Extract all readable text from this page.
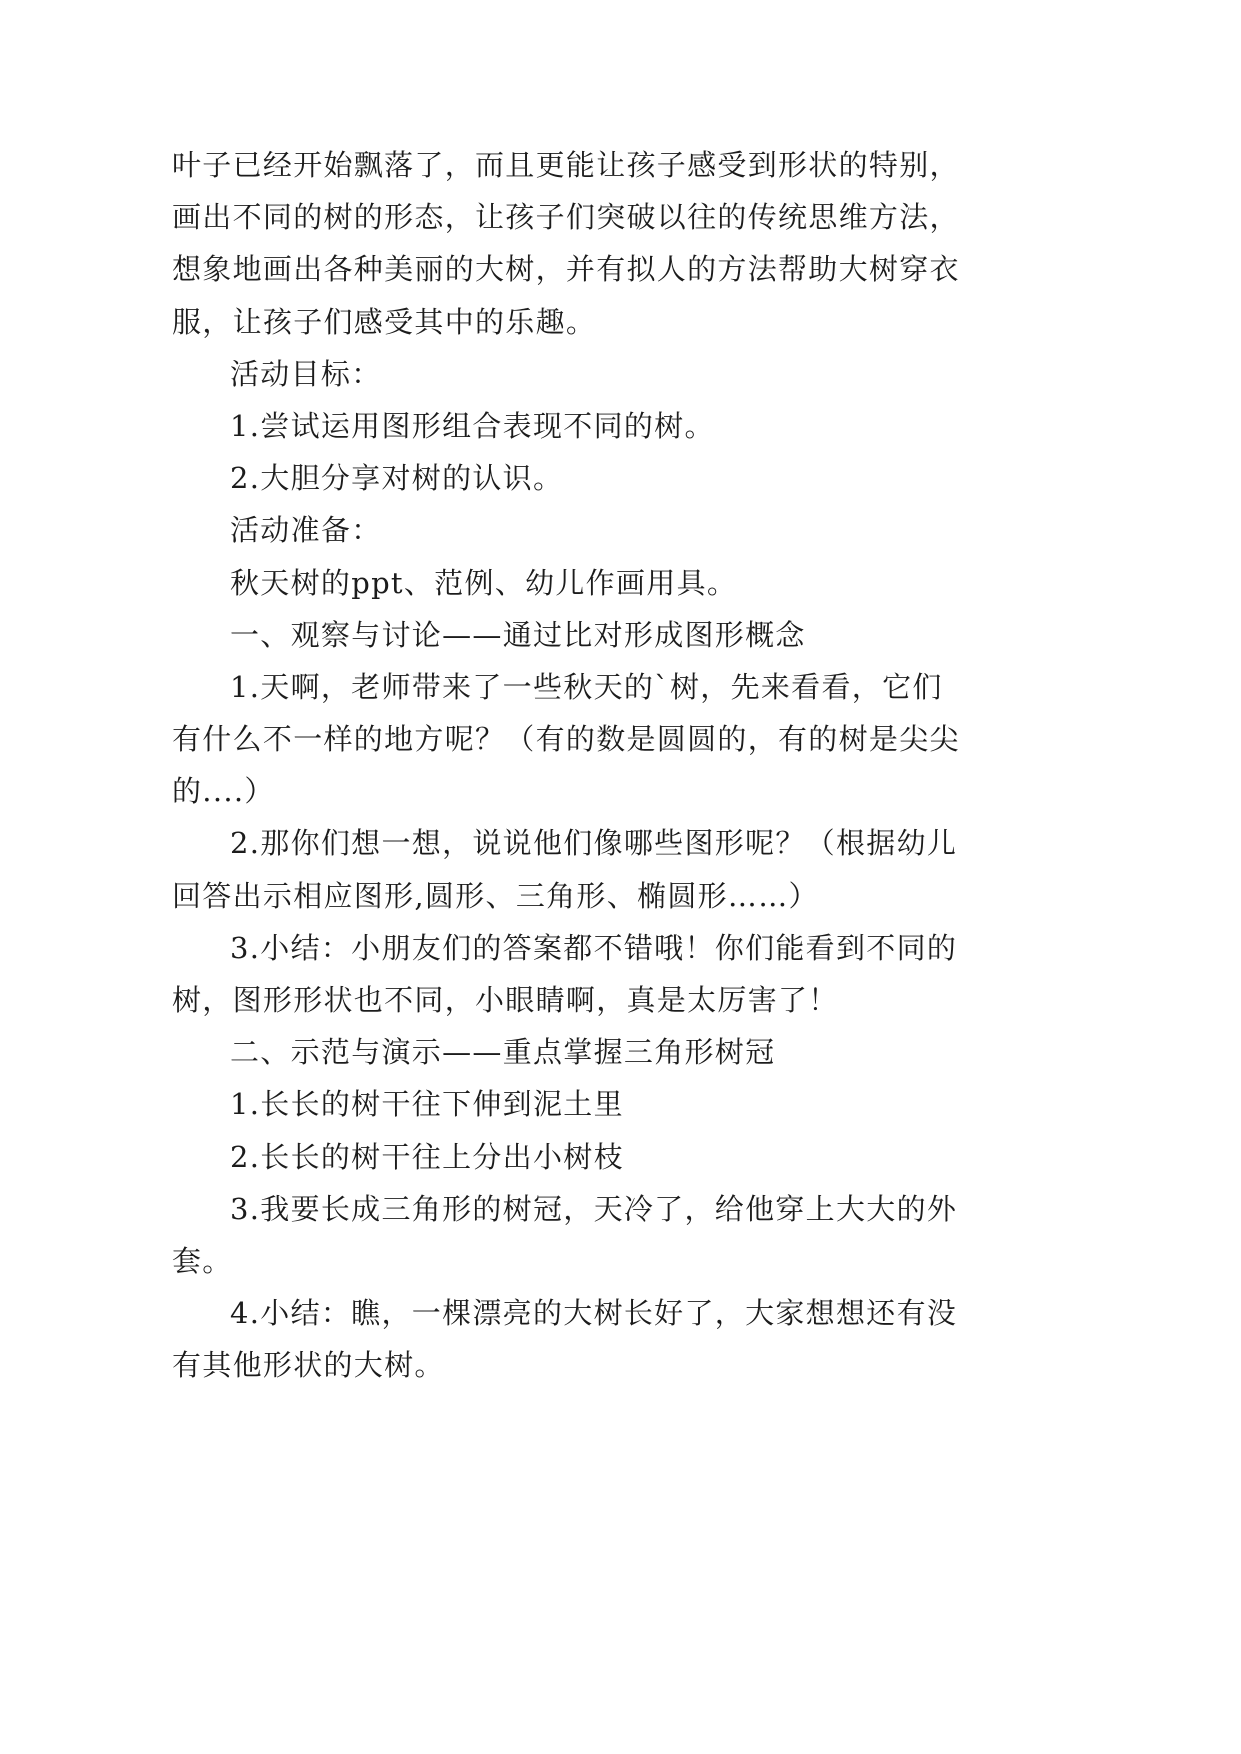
叶子已经开始飘落了，而且更能让孩子感受到形状的特别，
画出不同的树的形态，让孩子们突破以往的传统思维方法，
想象地画出各种美丽的大树，并有拟人的方法帮助大树穿衣
服，让孩子们感受其中的乐趣。
活动目标：
1.尝试运用图形组合表现不同的树。
2.大胆分享对树的认识。
活动准备：
秋天树的ppt、范例、幼儿作画用具。
一、观察与讨论——通过比对形成图形概念
1.天啊，老师带来了一些秋天的`树，先来看看，它们
有什么不一样的地方呢？（有的数是圆圆的，有的树是尖尖
的....）
2.那你们想一想，说说他们像哪些图形呢？（根据幼儿
回答出示相应图形,圆形、三角形、椭圆形……）
3.小结：小朋友们的答案都不错哦！你们能看到不同的
树，图形形状也不同，小眼睛啊，真是太厉害了！
二、示范与演示——重点掌握三角形树冠
1.长长的树干往下伸到泥土里
2.长长的树干往上分出小树枝
3.我要长成三角形的树冠，天冷了，给他穿上大大的外
套。
4.小结：瞧，一棵漂亮的大树长好了，大家想想还有没
有其他形状的大树。
